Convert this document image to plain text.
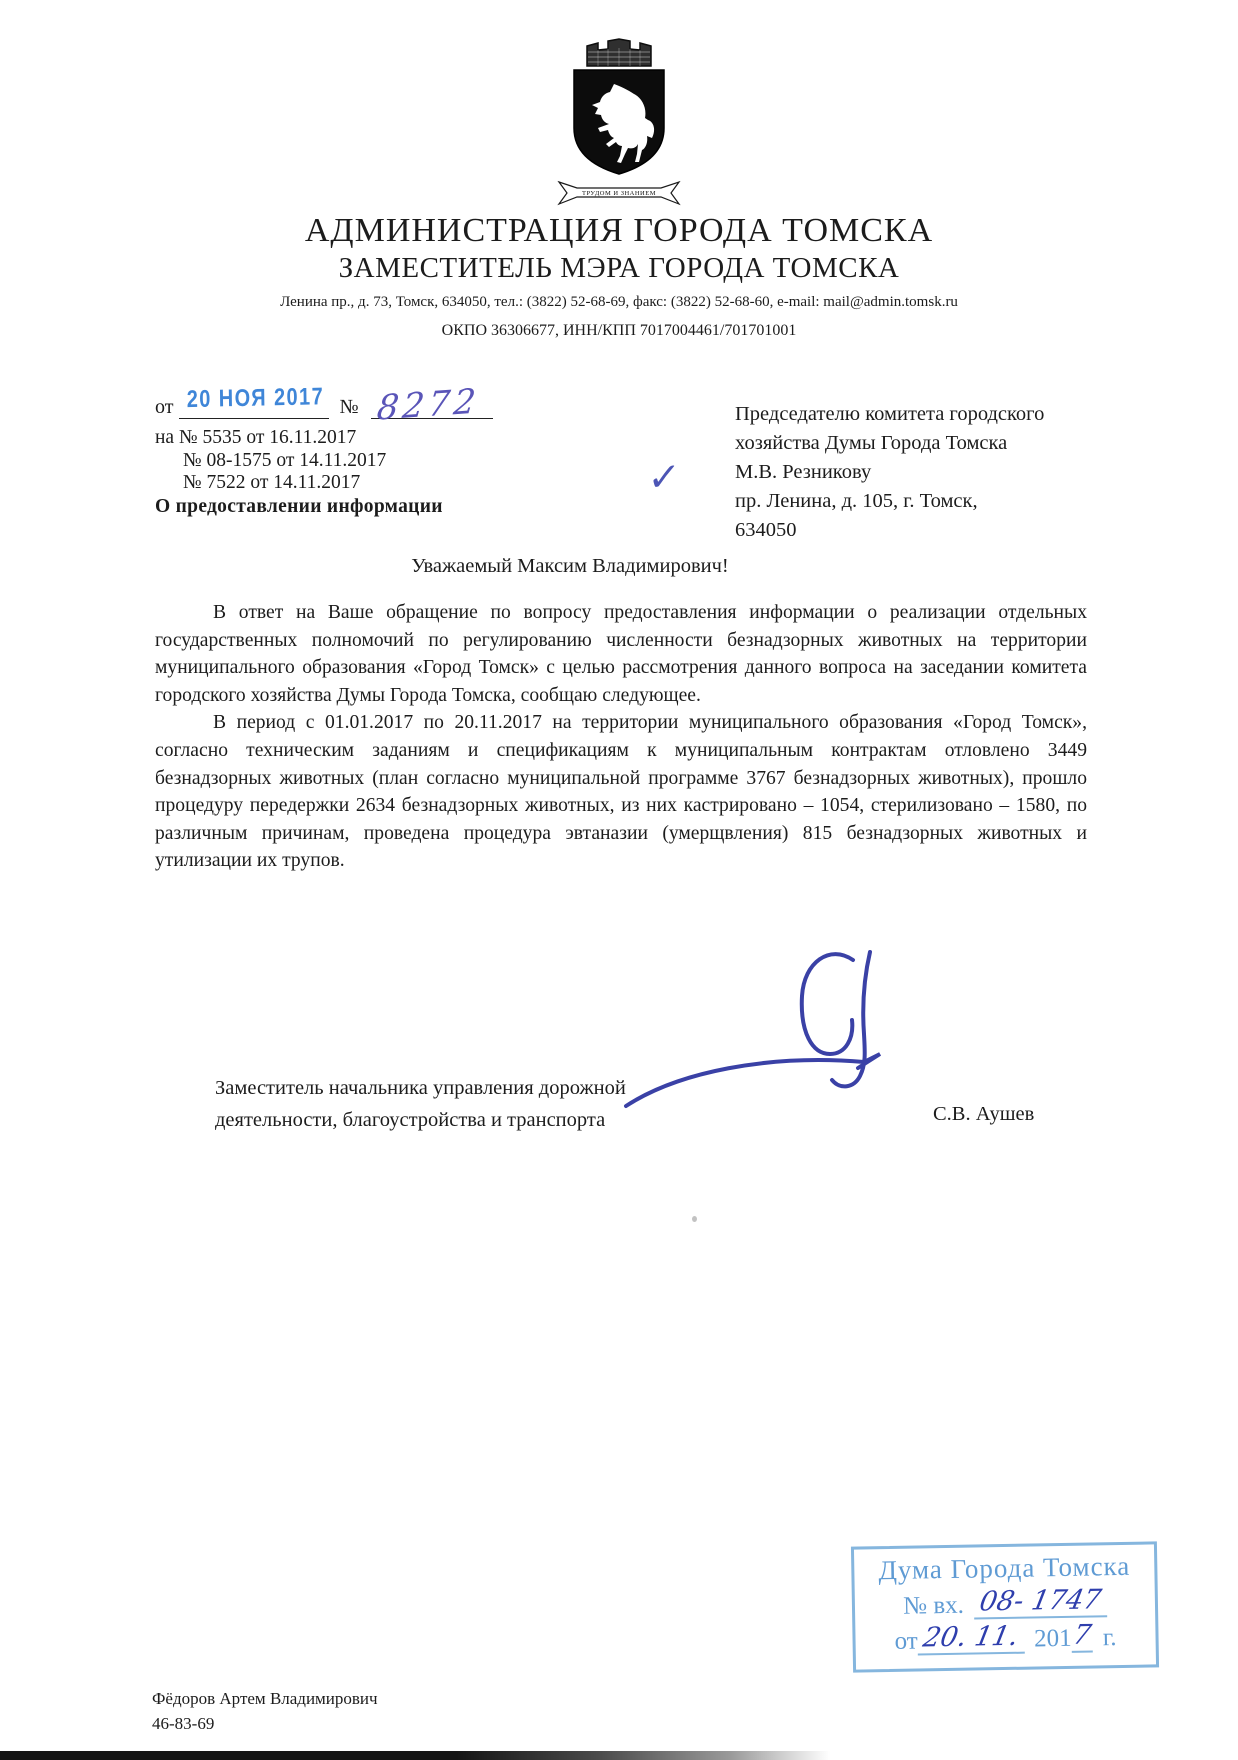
ТРУДОМ И ЗНАНИЕМ
АДМИНИСТРАЦИЯ ГОРОДА ТОМСКА
ЗАМЕСТИТЕЛЬ МЭРА ГОРОДА ТОМСКА
Ленина пр., д. 73, Томск, 634050, тел.: (3822) 52-68-69, факс: (3822) 52-68-60, e-mail: mail@admin.tomsk.ru
ОКПО 36306677, ИНН/КПП 7017004461/701701001
от 20 НОЯ 2017 № 8272
на № 5535 от 16.11.2017
№ 08-1575 от 14.11.2017
№ 7522 от 14.11.2017	✓
Председателю комитета городского
хозяйства Думы Города Томска
М.В. Резникову
пр. Ленина, д. 105, г. Томск,
634050
О предоставлении информации
Уважаемый Максим Владимирович!

В ответ на Ваше обращение по вопросу предоставления информации о реализации отдельных государственных полномочий по регулированию численности безнадзорных животных на территории муниципального образования «Город Томск» с целью рассмотрения данного вопроса на заседании комитета городского хозяйства Думы Города Томска, сообщаю следующее.

В период с 01.01.2017 по 20.11.2017 на территории муниципального образования «Город Томск», согласно техническим заданиям и спецификациям к муниципальным контрактам отловлено 3449 безнадзорных животных (план согласно муниципальной программе 3767 безнадзорных животных), прошло процедуру передержки 2634 безнадзорных животных, из них кастрировано – 1054, стерилизовано – 1580, по различным причинам, проведена процедура эвтаназии (умерщвления) 815 безнадзорных животных и утилизации их трупов.

Заместитель начальника управления дорожной
деятельности, благоустройства и транспорта	С.В. Аушев
Дума Города Томска
№ вх. 08- 1747
от 20. 11. 201
7 г.
Фёдоров Артем Владимирович
46-83-69
